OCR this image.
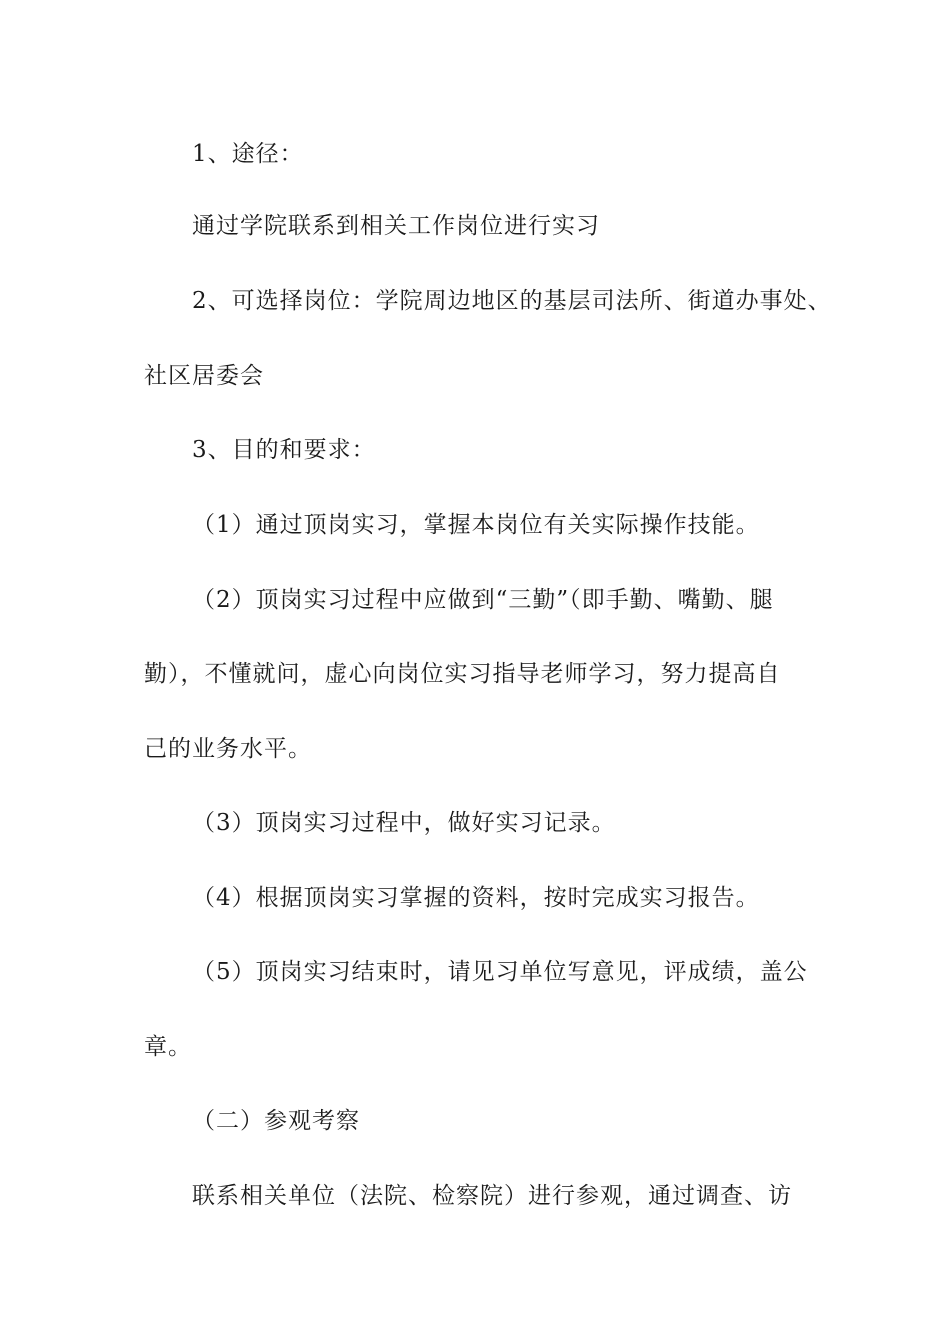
1、途径：
通过学院联系到相关工作岗位进行实习
2、可选择岗位：学院周边地区的基层司法所、街道办事处、
社区居委会
3、目的和要求：
（1）通过顶岗实习，掌握本岗位有关实际操作技能。
（2）顶岗实习过程中应做到“三勤”（即手勤、嘴勤、腿
勤），不懂就问，虚心向岗位实习指导老师学习，努力提高自
己的业务水平。
（3）顶岗实习过程中，做好实习记录。
（4）根据顶岗实习掌握的资料，按时完成实习报告。
（5）顶岗实习结束时，请见习单位写意见，评成绩，盖公
章。
（二）参观考察
联系相关单位（法院、检察院）进行参观，通过调查、访
